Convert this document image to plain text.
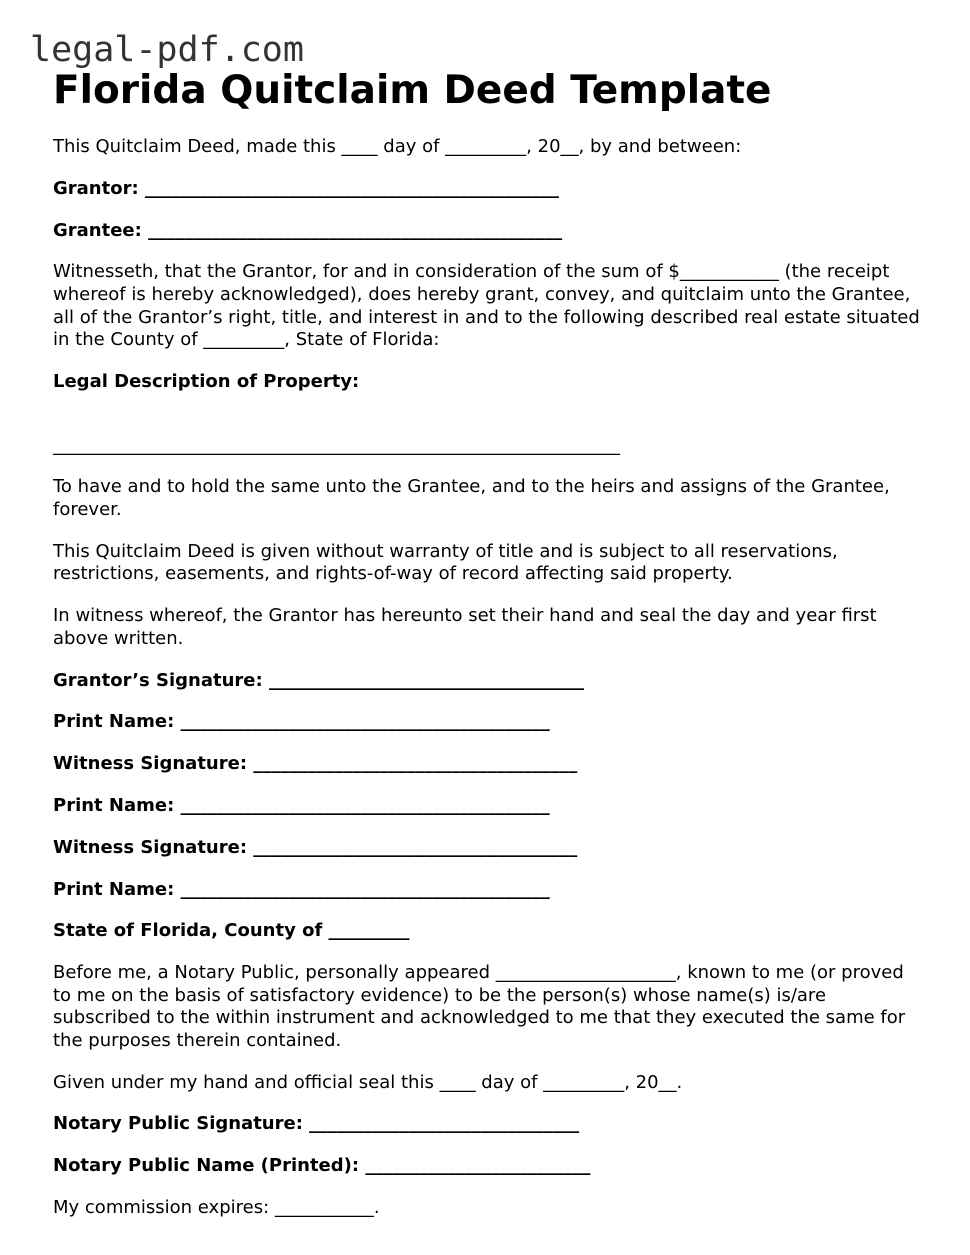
legal-pdf.com
Florida Quitclaim Deed Template
This Quitclaim Deed, made this ____ day of _________, 20__, by and between:
Grantor: ______________________________________________
Grantee: ______________________________________________
Witnesseth, that the Grantor, for and in consideration of the sum of $___________ (the receipt whereof is hereby acknowledged), does hereby grant, convey, and quitclaim unto the Grantee, all of the Grantor’s right, title, and interest in and to the following described real estate situated in the County of _________, State of Florida:
Legal Description of Property:
_______________________________________________________________
To have and to hold the same unto the Grantee, and to the heirs and assigns of the Grantee, forever.
This Quitclaim Deed is given without warranty of title and is subject to all reservations, restrictions, easements, and rights-of-way of record affecting said property.
In witness whereof, the Grantor has hereunto set their hand and seal the day and year first above written.
Grantor’s Signature: ___________________________________
Print Name: _________________________________________
Witness Signature: ____________________________________
Print Name: _________________________________________
Witness Signature: ____________________________________
Print Name: _________________________________________
State of Florida, County of _________
Before me, a Notary Public, personally appeared ____________________, known to me (or proved to me on the basis of satisfactory evidence) to be the person(s) whose name(s) is/are subscribed to the within instrument and acknowledged to me that they executed the same for the purposes therein contained.
Given under my hand and official seal this ____ day of _________, 20__.
Notary Public Signature: ______________________________
Notary Public Name (Printed): _________________________
My commission expires: ___________.
